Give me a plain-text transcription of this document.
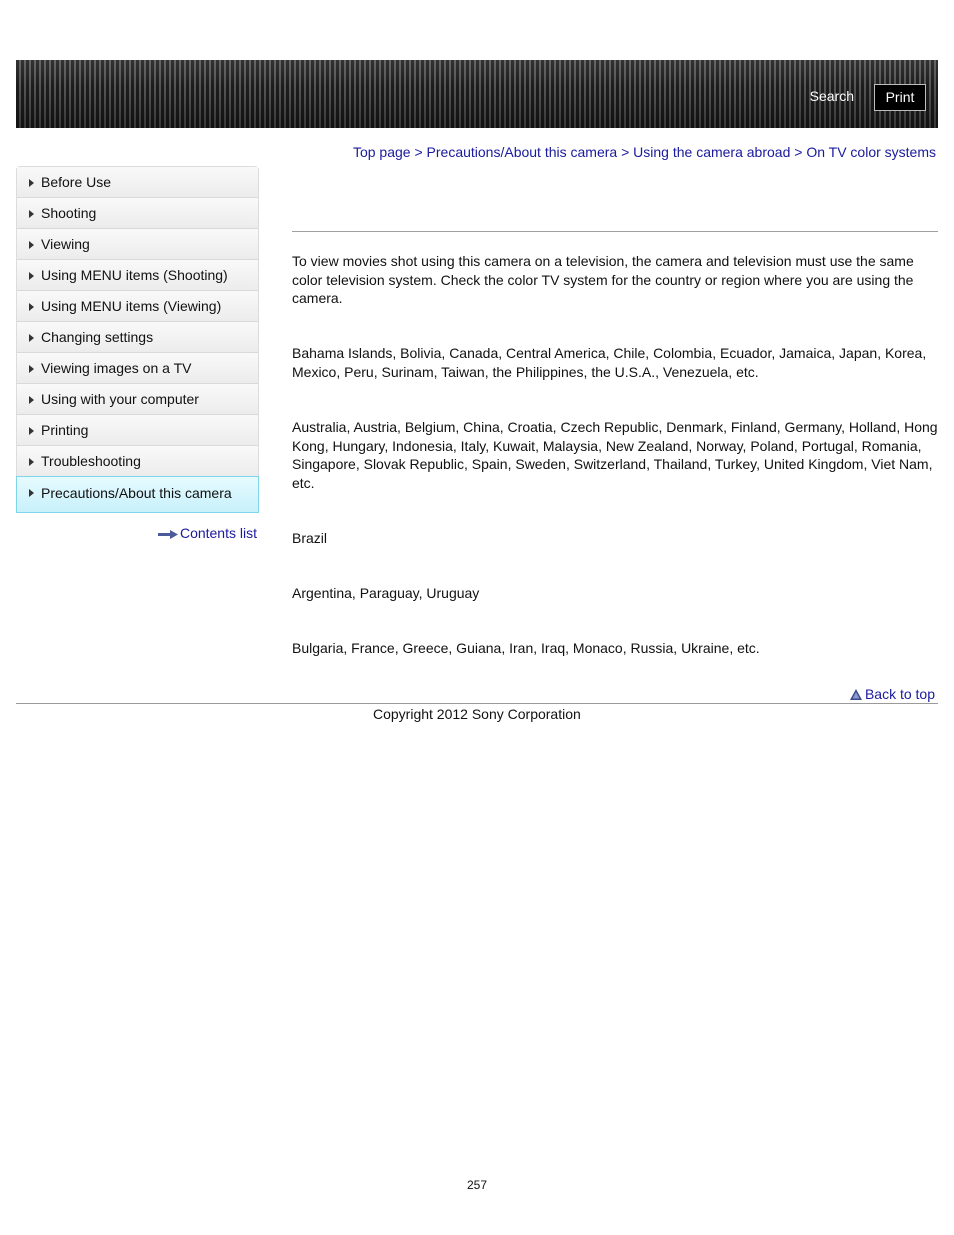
Search	Print
Top page > Precautions/About this camera > Using the camera abroad > On TV color systems
Before Use
Shooting
Viewing
Using MENU items (Shooting)
Using MENU items (Viewing)
Changing settings
Viewing images on a TV
Using with your computer
Printing
Troubleshooting
Precautions/About this camera
Contents list
To view movies shot using this camera on a television, the camera and television must use the same color television system. Check the color TV system for the country or region where you are using the camera.
Bahama Islands, Bolivia, Canada, Central America, Chile, Colombia, Ecuador, Jamaica, Japan, Korea, Mexico, Peru, Surinam, Taiwan, the Philippines, the U.S.A., Venezuela, etc.
Australia, Austria, Belgium, China, Croatia, Czech Republic, Denmark, Finland, Germany, Holland, Hong Kong, Hungary, Indonesia, Italy, Kuwait, Malaysia, New Zealand, Norway, Poland, Portugal, Romania, Singapore, Slovak Republic, Spain, Sweden, Switzerland, Thailand, Turkey, United Kingdom, Viet Nam, etc.
Brazil
Argentina, Paraguay, Uruguay
Bulgaria, France, Greece, Guiana, Iran, Iraq, Monaco, Russia, Ukraine, etc.
Back to top
Copyright 2012 Sony Corporation
257
